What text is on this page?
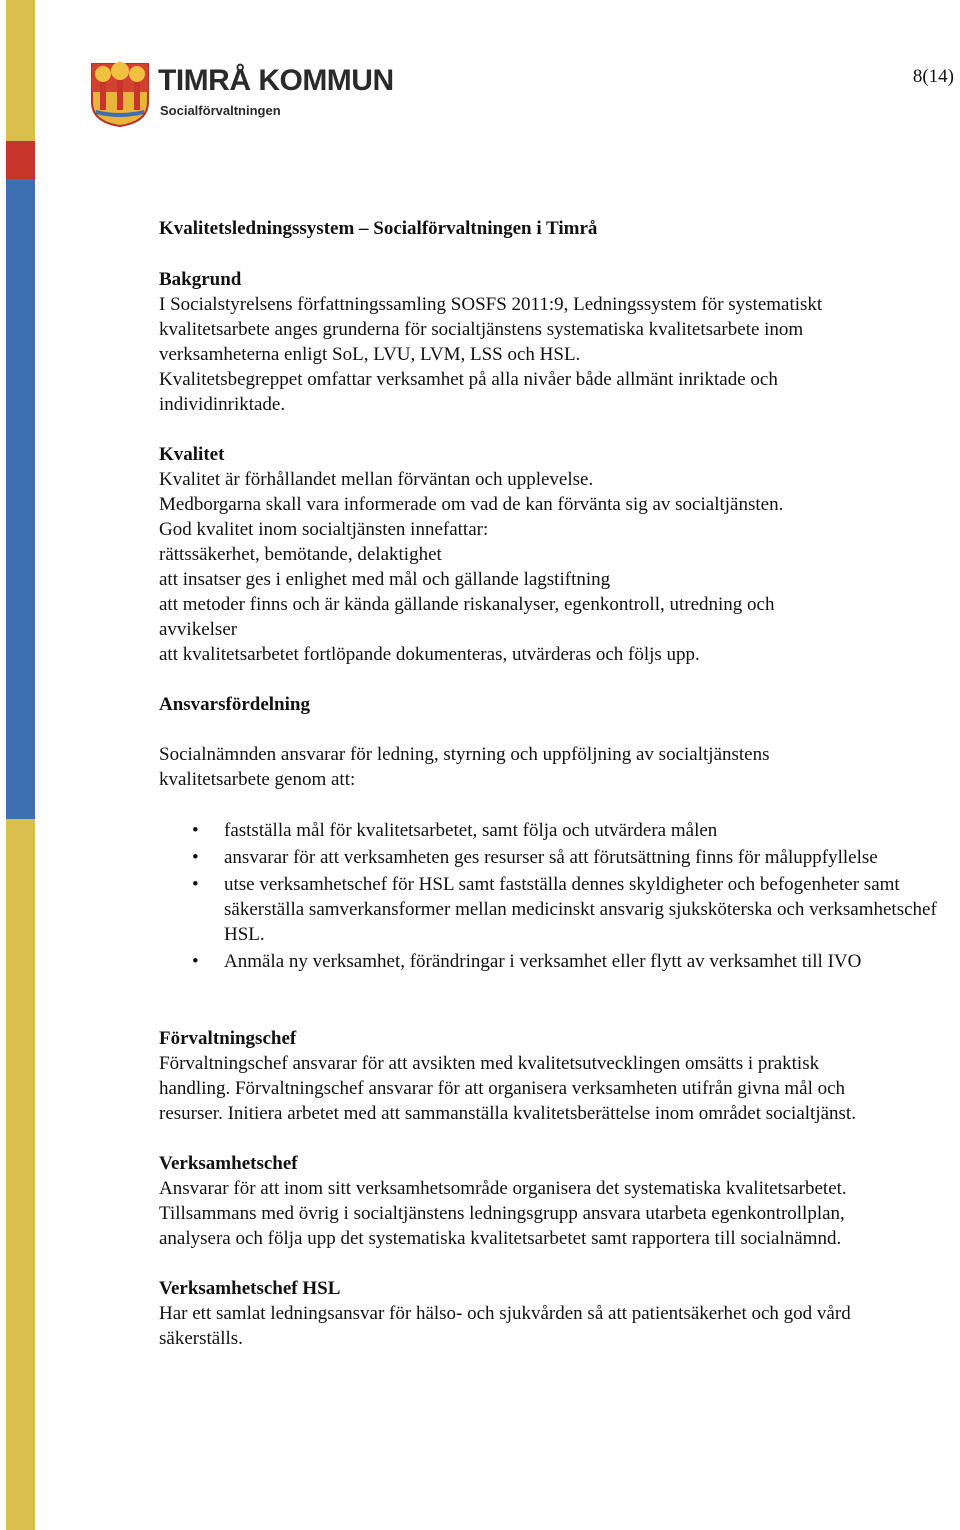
TIMRÅ KOMMUN
Socialförvaltningen
8(14)

Kvalitetsledningssystem – Socialförvaltningen i Timrå

Bakgrund

I Socialstyrelsens författningssamling SOSFS 2011:9, Ledningssystem för systematiskt

kvalitetsarbete anges grunderna för socialtjänstens systematiska kvalitetsarbete inom

verksamheterna enligt SoL, LVU, LVM, LSS och HSL.

Kvalitetsbegreppet omfattar verksamhet på alla nivåer både allmänt inriktade och

individinriktade.

Kvalitet

Kvalitet är förhållandet mellan förväntan och upplevelse.

Medborgarna skall vara informerade om vad de kan förvänta sig av socialtjänsten.

God kvalitet inom socialtjänsten innefattar:

rättssäkerhet, bemötande, delaktighet

att insatser ges i enlighet med mål och gällande lagstiftning

att metoder finns och är kända gällande riskanalyser, egenkontroll, utredning och

avvikelser

att kvalitetsarbetet fortlöpande dokumenteras, utvärderas och följs upp.

Ansvarsfördelning

Socialnämnden ansvarar för ledning, styrning och uppföljning av socialtjänstens

kvalitetsarbete genom att:

• fastställa mål för kvalitetsarbetet, samt följa och utvärdera målen
• ansvarar för att verksamheten ges resurser så att förutsättning finns för måluppfyllelse
• utse verksamhetschef för HSL samt fastställa dennes skyldigheter och befogenheter samt säkerställa samverkansformer mellan medicinskt ansvarig sjuksköterska och verksamhetschef HSL.
• Anmäla ny verksamhet, förändringar i verksamhet eller flytt av verksamhet till IVO

Förvaltningschef

Förvaltningschef ansvarar för att avsikten med kvalitetsutvecklingen omsätts i praktisk

handling. Förvaltningschef ansvarar för att organisera verksamheten utifrån givna mål och

resurser. Initiera arbetet med att sammanställa kvalitetsberättelse inom området socialtjänst.

Verksamhetschef

Ansvarar för att inom sitt verksamhetsområde organisera det systematiska kvalitetsarbetet.

Tillsammans med övrig i socialtjänstens ledningsgrupp ansvara utarbeta egenkontrollplan,

analysera och följa upp det systematiska kvalitetsarbetet samt rapportera till socialnämnd.

Verksamhetschef HSL

Har ett samlat ledningsansvar för hälso- och sjukvården så att patientsäkerhet och god vård

säkerställs.
